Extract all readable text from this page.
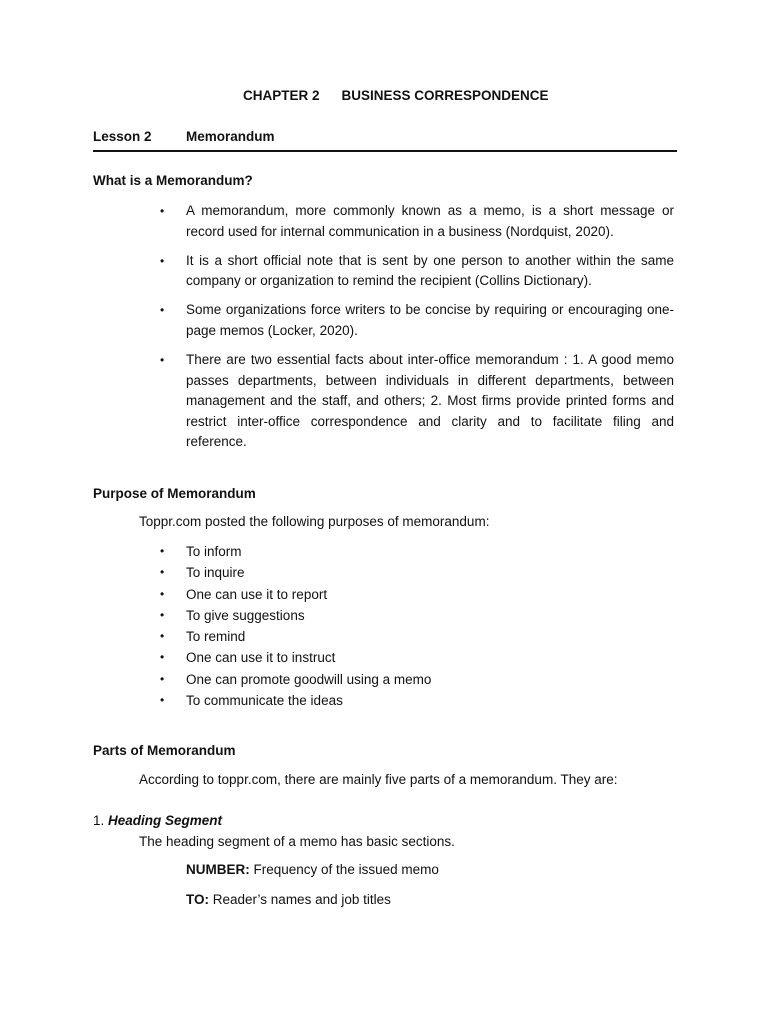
CHAPTER 2 BUSINESS CORRESPONDENCE
Lesson 2	Memorandum
What is a Memorandum?
• A memorandum, more commonly known as a memo, is a short message or record used for internal communication in a business (Nordquist, 2020).
• It is a short official note that is sent by one person to another within the same company or organization to remind the recipient (Collins Dictionary).
• Some organizations force writers to be concise by requiring or encouraging one-page memos (Locker, 2020).
• There are two essential facts about inter-office memorandum : 1. A good memo passes departments, between individuals in different departments, between management and the staff, and others; 2. Most firms provide printed forms and restrict inter-office correspondence and clarity and to facilitate filing and reference.
Purpose of Memorandum
Toppr.com posted the following purposes of memorandum:
• To inform
• To inquire
• One can use it to report
• To give suggestions
• To remind
• One can use it to instruct
• One can promote goodwill using a memo
• To communicate the ideas
Parts of Memorandum
According to toppr.com, there are mainly five parts of a memorandum. They are:
1. Heading Segment
The heading segment of a memo has basic sections.
NUMBER: Frequency of the issued memo
TO: Reader’s names and job titles
